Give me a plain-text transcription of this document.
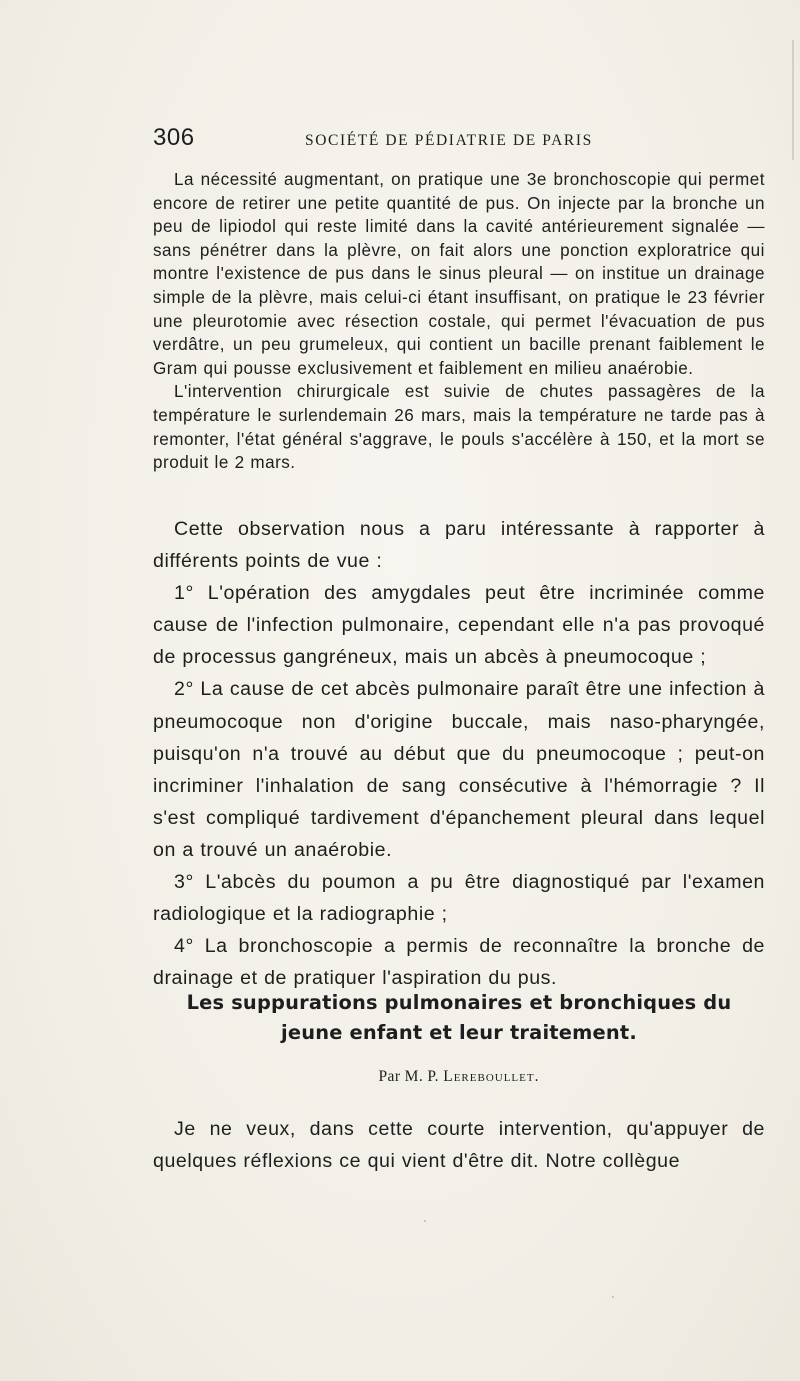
306	SOCIÉTÉ DE PÉDIATRIE DE PARIS

La nécessité augmentant, on pratique une 3e bronchoscopie qui permet encore de retirer une petite quantité de pus. On injecte par la bronche un peu de lipiodol qui reste limité dans la cavité antérieurement signalée — sans pénétrer dans la plèvre, on fait alors une ponction exploratrice qui montre l'existence de pus dans le sinus pleural — on institue un drainage simple de la plèvre, mais celui-ci étant insuffisant, on pratique le 23 février une pleurotomie avec résection costale, qui permet l'évacuation de pus verdâtre, un peu grumeleux, qui contient un bacille prenant faiblement le Gram qui pousse exclusivement et faiblement en milieu anaérobie.

L'intervention chirurgicale est suivie de chutes passagères de la température le surlendemain 26 mars, mais la température ne tarde pas à remonter, l'état général s'aggrave, le pouls s'accélère à 150, et la mort se produit le 2 mars.

Cette observation nous a paru intéressante à rapporter à différents points de vue :

1° L'opération des amygdales peut être incriminée comme cause de l'infection pulmonaire, cependant elle n'a pas provoqué de processus gangréneux, mais un abcès à pneumocoque ;

2° La cause de cet abcès pulmonaire paraît être une infection à pneumocoque non d'origine buccale, mais naso-pharyngée, puisqu'on n'a trouvé au début que du pneumocoque ; peut-on incriminer l'inhalation de sang consécutive à l'hémorragie ? Il s'est compliqué tardivement d'épanchement pleural dans lequel on a trouvé un anaérobie.

3° L'abcès du poumon a pu être diagnostiqué par l'examen radiologique et la radiographie ;

4° La bronchoscopie a permis de reconnaître la bronche de drainage et de pratiquer l'aspiration du pus.

Les suppurations pulmonaires et bronchiques du jeune enfant et leur traitement.
Par M. P. Lereboullet.

Je ne veux, dans cette courte intervention, qu'appuyer de quelques réflexions ce qui vient d'être dit. Notre collègue
